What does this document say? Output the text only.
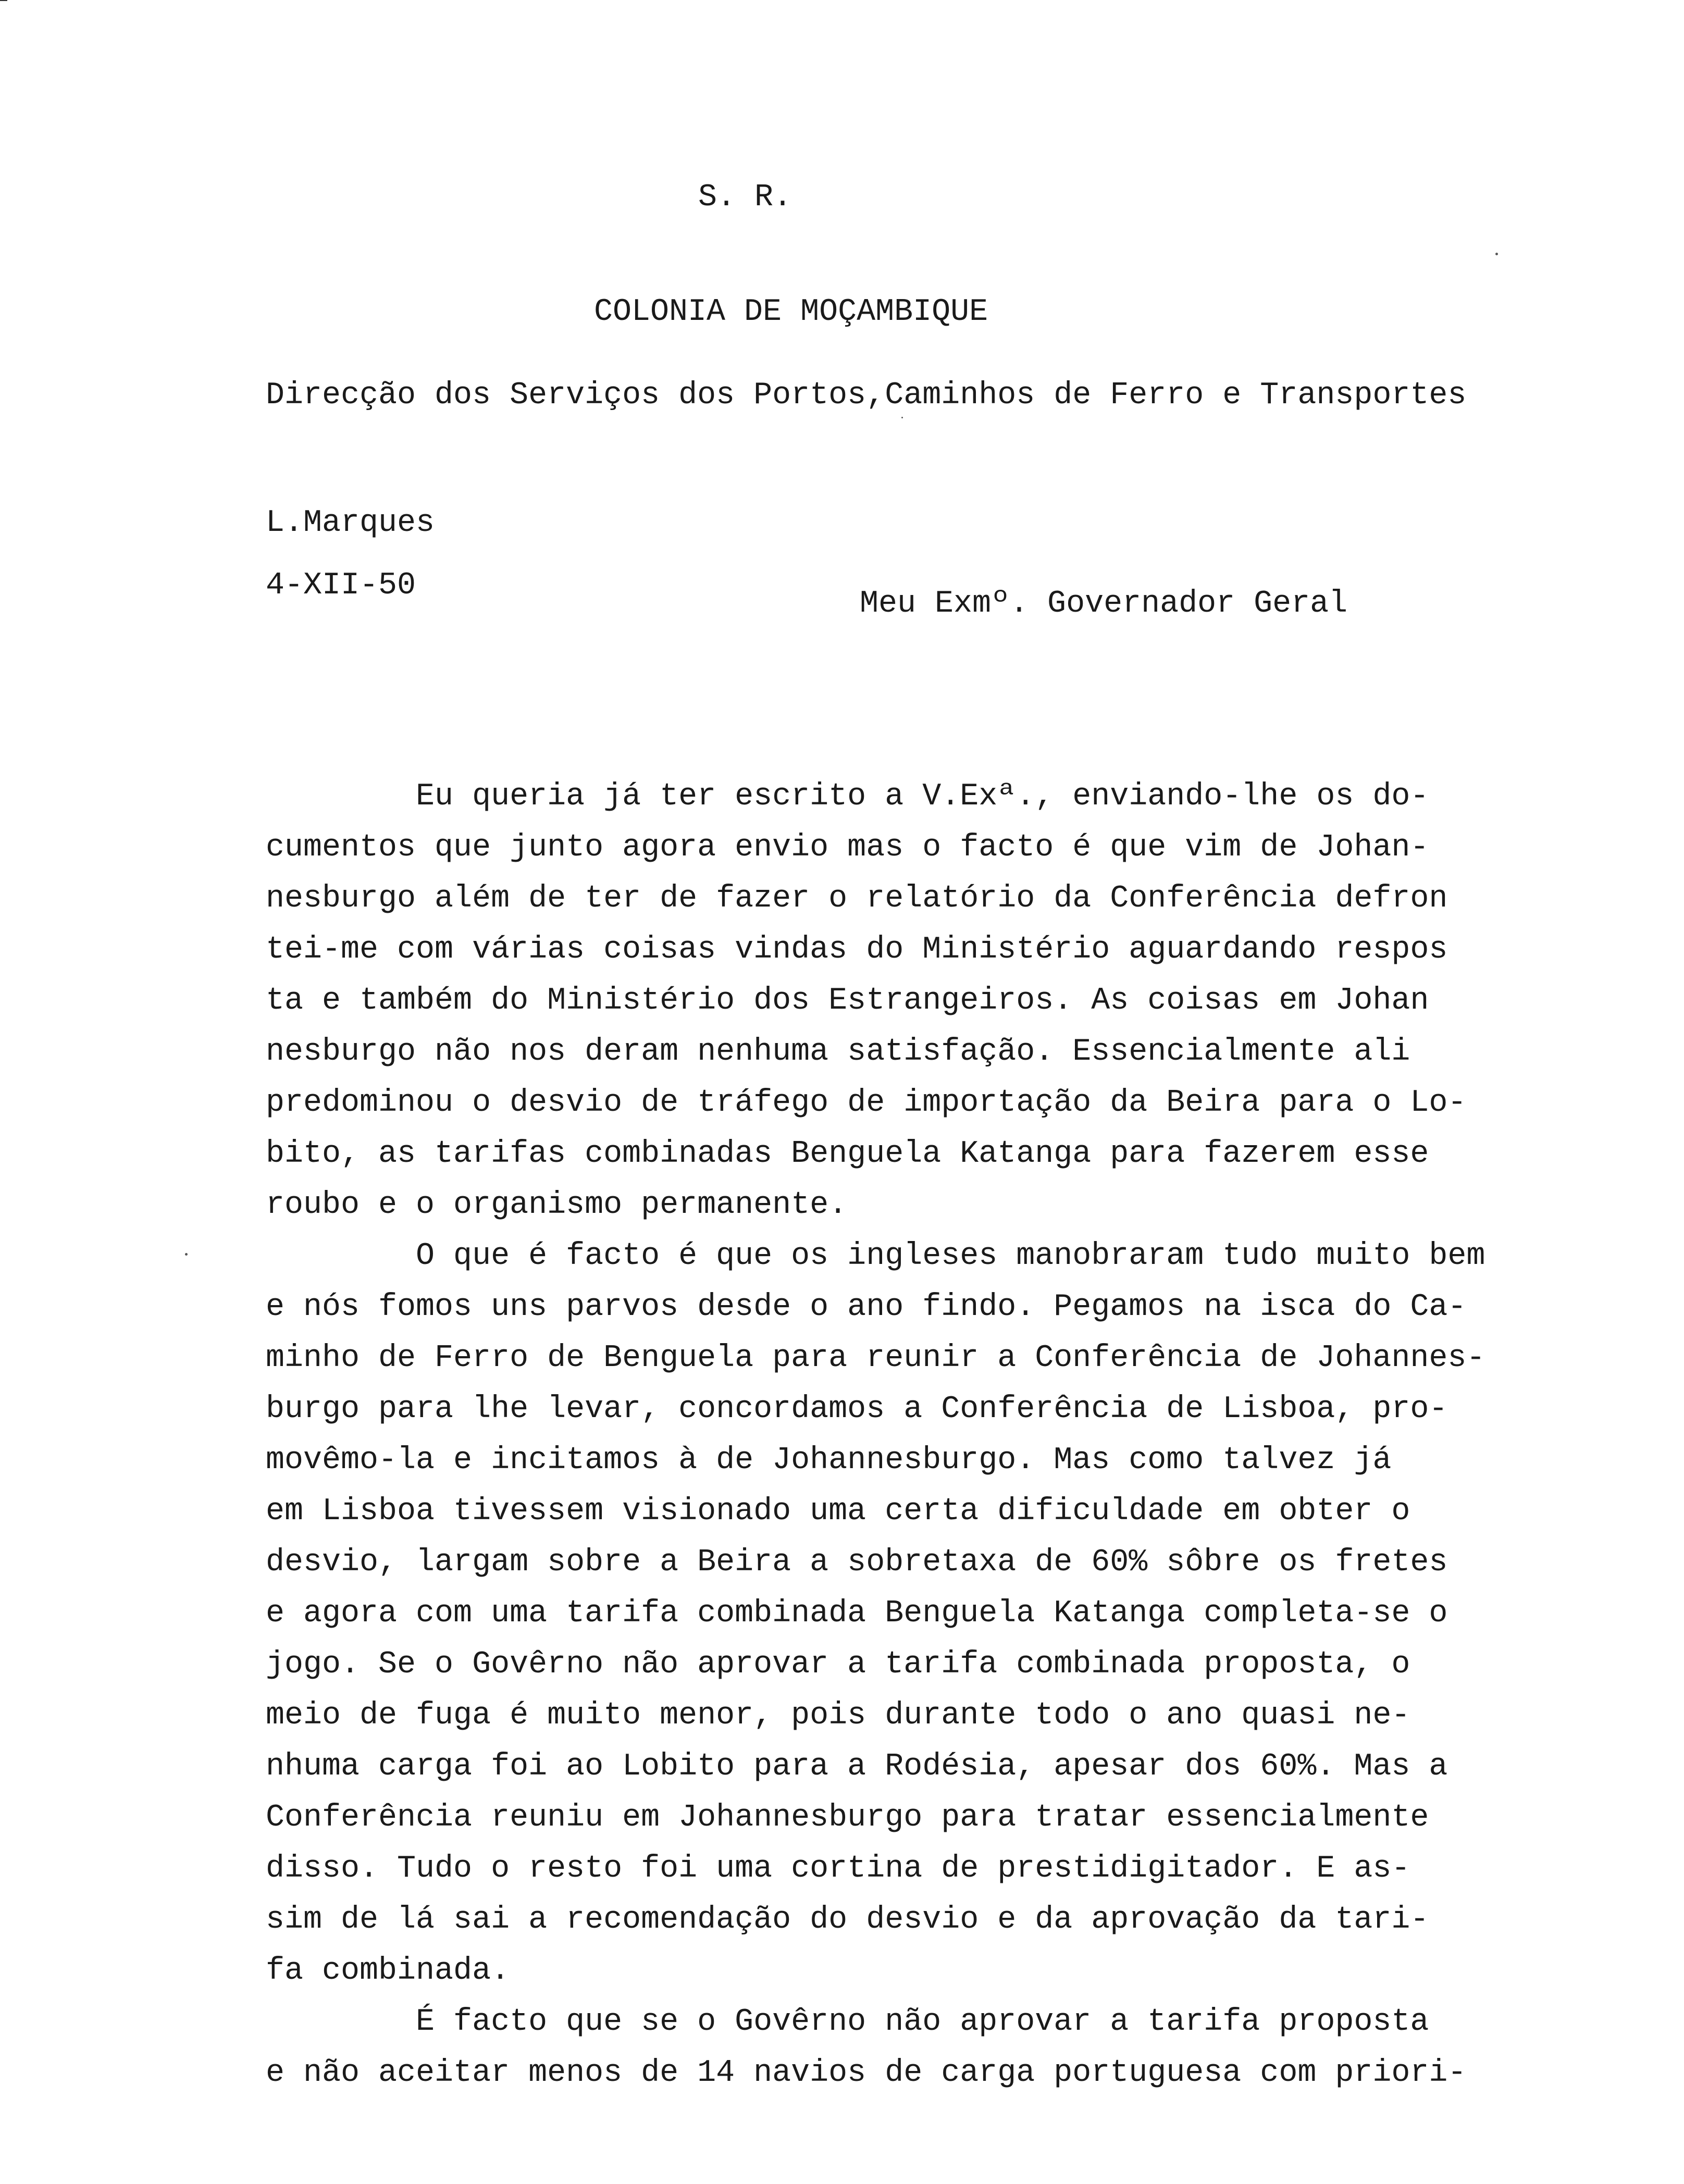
S. R.
COLONIA DE MOÇAMBIQUE
Direcção dos Serviços dos Portos,Caminhos de Ferro e Transportes
L.Marques
4-XII-50
Meu Exmº. Governador Geral
Eu queria já ter escrito a V.Exª., enviando-lhe os do-
cumentos que junto agora envio mas o facto é que vim de Johan-
nesburgo além de ter de fazer o relatório da Conferência defron
tei-me com várias coisas vindas do Ministério aguardando respos
ta e também do Ministério dos Estrangeiros. As coisas em Johan
nesburgo não nos deram nenhuma satisfação. Essencialmente ali
predominou o desvio de tráfego de importação da Beira para o Lo-
bito, as tarifas combinadas Benguela Katanga para fazerem esse
roubo e o organismo permanente.
O que é facto é que os ingleses manobraram tudo muito bem
e nós fomos uns parvos desde o ano findo. Pegamos na isca do Ca-
minho de Ferro de Benguela para reunir a Conferência de Johannes-
burgo para lhe levar, concordamos a Conferência de Lisboa, pro-
movêmo-la e incitamos à de Johannesburgo. Mas como talvez já
em Lisboa tivessem visionado uma certa dificuldade em obter o
desvio, largam sobre a Beira a sobretaxa de 60% sôbre os fretes
e agora com uma tarifa combinada Benguela Katanga completa-se o
jogo. Se o Govêrno não aprovar a tarifa combinada proposta, o
meio de fuga é muito menor, pois durante todo o ano quasi ne-
nhuma carga foi ao Lobito para a Rodésia, apesar dos 60%. Mas a
Conferência reuniu em Johannesburgo para tratar essencialmente
disso. Tudo o resto foi uma cortina de prestidigitador. E as-
sim de lá sai a recomendação do desvio e da aprovação da tari-
fa combinada.
É facto que se o Govêrno não aprovar a tarifa proposta
e não aceitar menos de 14 navios de carga portuguesa com priori-
